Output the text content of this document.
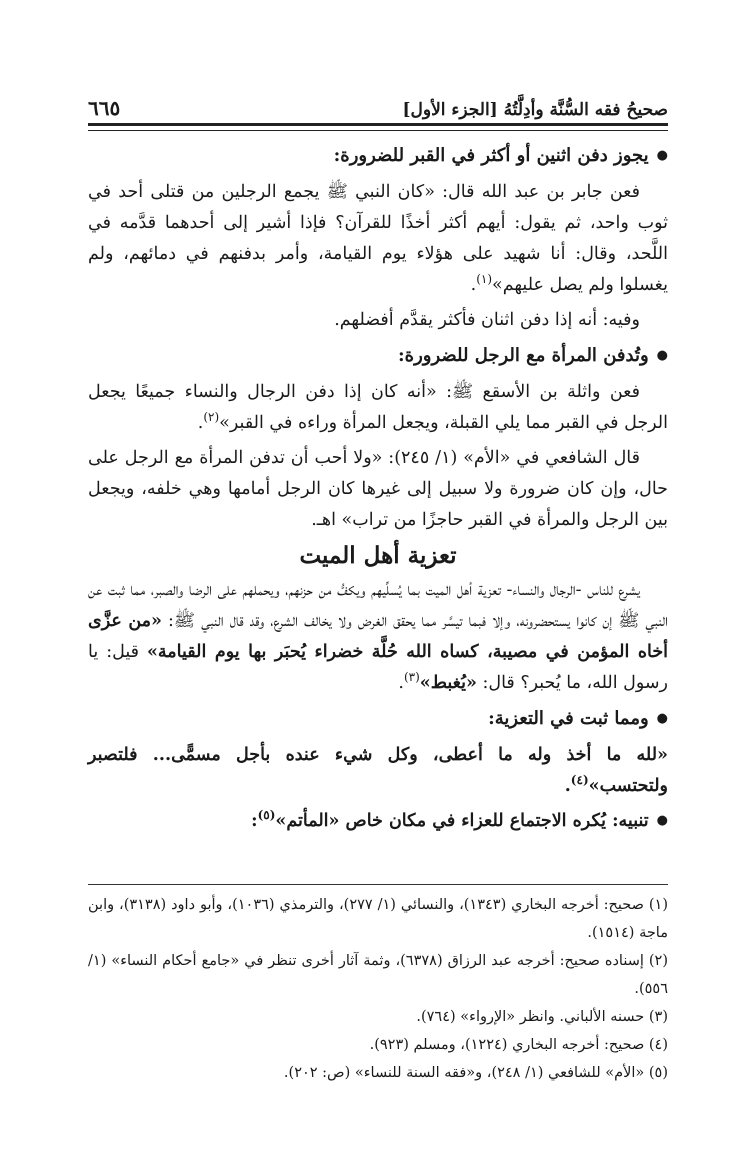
صحيحُ فقه السُّنَّة وأدِلَّتُهُ [الجزء الأول]
٦٦٥

● يجوز دفن اثنين أو أكثر في القبر للضرورة:

فعن جابر بن عبد الله قال: «كان النبي ﷺ يجمع الرجلين من قتلى أحد في ثوب واحد، ثم يقول: أيهم أكثر أخذًا للقرآن؟ فإذا أشير إلى أحدهما قدَّمه في اللَّحد، وقال: أنا شهيد على هؤلاء يوم القيامة، وأمر بدفنهم في دمائهم، ولم يغسلوا ولم يصل عليهم»$^{(١)}$.

وفيه: أنه إذا دفن اثنان فأكثر يقدَّم أفضلهم.

● وتُدفن المرأة مع الرجل للضرورة:

فعن واثلة بن الأسقع ﷺ: «أنه كان إذا دفن الرجال والنساء جميعًا يجعل الرجل في القبر مما يلي القبلة، ويجعل المرأة وراءه في القبر»$^{(٢)}$.

قال الشافعي في «الأم» (١/ ٢٤٥): «ولا أحب أن تدفن المرأة مع الرجل على حال، وإن كان ضرورة ولا سبيل إلى غيرها كان الرجل أمامها وهي خلفه، ويجعل بين الرجل والمرأة في القبر حاجزًا من تراب» اهـ.

تعزية أهل الميت

يشرع للناس -الرجال والنساء- تعزية أهل الميت بما يُسلِّيهم ويكفُّ من حزنهم، ويحملهم على الرضا والصبر، مما ثبت عن النبي ﷺ إن كانوا يستحضرونه، وإلا فبما تيسَّر مما يحقق الغرض ولا يخالف الشرع، وقد قال النبي ﷺ: «من عزَّى أخاه المؤمن في مصيبة، كساه الله حُلَّة خضراء يُحبَر بها يوم القيامة» قيل: يا رسول الله، ما يُحبر؟ قال: «يُغبط»$^{(٣)}$.

● ومما ثبت في التعزية:

«لله ما أخذ وله ما أعطى، وكل شيء عنده بأجل مسمًّى... فلتصبر ولتحتسب»$^{(٤)}$.

● تنبيه: يُكره الاجتماع للعزاء في مكان خاص «المأتم»$^{(٥)}$:

(١) صحيح: أخرجه البخاري (١٣٤٣)، والنسائي (١/ ٢٧٧)، والترمذي (١٠٣٦)، وأبو داود (٣١٣٨)، وابن ماجة (١٥١٤).

(٢) إسناده صحيح: أخرجه عبد الرزاق (٦٣٧٨)، وثمة آثار أخرى تنظر في «جامع أحكام النساء» (١/ ٥٥٦).

(٣) حسنه الألباني. وانظر «الإرواء» (٧٦٤).

(٤) صحيح: أخرجه البخاري (١٢٢٤)، ومسلم (٩٢٣).

(٥) «الأم» للشافعي (١/ ٢٤٨)، و«فقه السنة للنساء» (ص: ٢٠٢).
